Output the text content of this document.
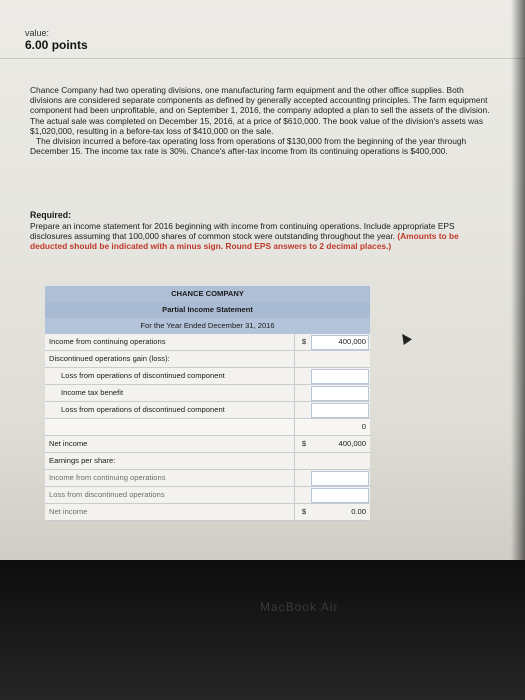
value:
6.00 points

Chance Company had two operating divisions, one manufacturing farm equipment and the other office supplies. Both divisions are considered separate components as defined by generally accepted accounting principles. The farm equipment component had been unprofitable, and on September 1, 2016, the company adopted a plan to sell the assets of the division. The actual sale was completed on December 15, 2016, at a price of $610,000. The book value of the division's assets was $1,020,000, resulting in a before-tax loss of $410,000 on the sale.

The division incurred a before-tax operating loss from operations of $130,000 from the beginning of the year through December 15. The income tax rate is 30%. Chance's after-tax income from its continuing operations is $400,000.

Required:
Prepare an income statement for 2016 beginning with income from continuing operations. Include appropriate EPS disclosures assuming that 100,000 shares of common stock were outstanding throughout the year. (Amounts to be deducted should be indicated with a minus sign. Round EPS answers to 2 decimal places.)
CHANCE COMPANY
Partial Income Statement
For the Year Ended December 31, 2016
Income from continuing operations	$	400,000
Discontinued operations gain (loss):
Loss from operations of discontinued component
Income tax benefit
Loss from operations of discontinued component
0
Net income	$	400,000
Earnings per share:
Income from continuing operations
Loss from discontinued operations
Net income	$	0.00
MacBook Air
